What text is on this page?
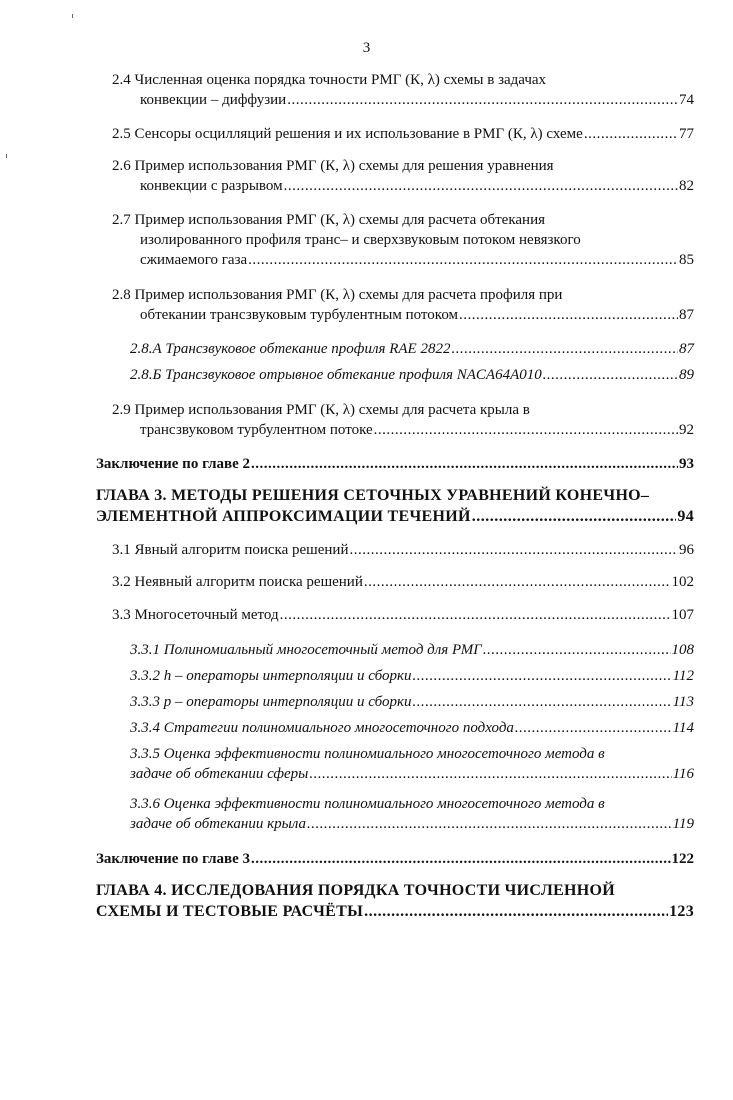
3
2.4 Численная оценка порядка точности РМГ (К, λ) схемы в задачах
конвекции – диффузии .....	74
2.5 Сенсоры осцилляций решения и их использование в РМГ (К, λ) схеме .....	77
2.6 Пример использования РМГ (К, λ) схемы для решения уравнения
конвекции с разрывом .....	82
2.7 Пример использования РМГ (К, λ) схемы для расчета обтекания
изолированного профиля транс– и сверхзвуковым потоком невязкого
сжимаемого газа .....	85
2.8 Пример использования РМГ (К, λ) схемы для расчета профиля при
обтекании трансзвуковым турбулентным потоком .....	87
2.8.А Трансзвуковое обтекание профиля RAE 2822 .....	87
2.8.Б Трансзвуковое отрывное обтекание профиля NACA64A010 .....	89
2.9 Пример использования РМГ (К, λ) схемы для расчета крыла в
трансзвуковом турбулентном потоке .....	92
Заключение по главе 2 .....	93
ГЛАВА 3. МЕТОДЫ РЕШЕНИЯ СЕТОЧНЫХ УРАВНЕНИЙ КОНЕЧНО–
ЭЛЕМЕНТНОЙ АППРОКСИМАЦИИ ТЕЧЕНИЙ .....	94
3.1 Явный алгоритм поиска решений .....	96
3.2 Неявный алгоритм поиска решений .....	102
3.3 Многосеточный метод .....	107
3.3.1 Полиномиальный многосеточный метод для РМГ .....	108
3.3.2 h – операторы интерполяции и сборки .....	112
3.3.3 p – операторы интерполяции и сборки .....	113
3.3.4 Стратегии полиномиального многосеточного подхода .....	114
3.3.5 Оценка эффективности полиномиального многосеточного метода в
задаче об обтекании сферы .....	116
3.3.6 Оценка эффективности полиномиального многосеточного метода в
задаче об обтекании крыла .....	119
Заключение по главе 3 .....	122
ГЛАВА 4. ИССЛЕДОВАНИЯ ПОРЯДКА ТОЧНОСТИ ЧИСЛЕННОЙ
СХЕМЫ И ТЕСТОВЫЕ РАСЧЁТЫ .....	123
